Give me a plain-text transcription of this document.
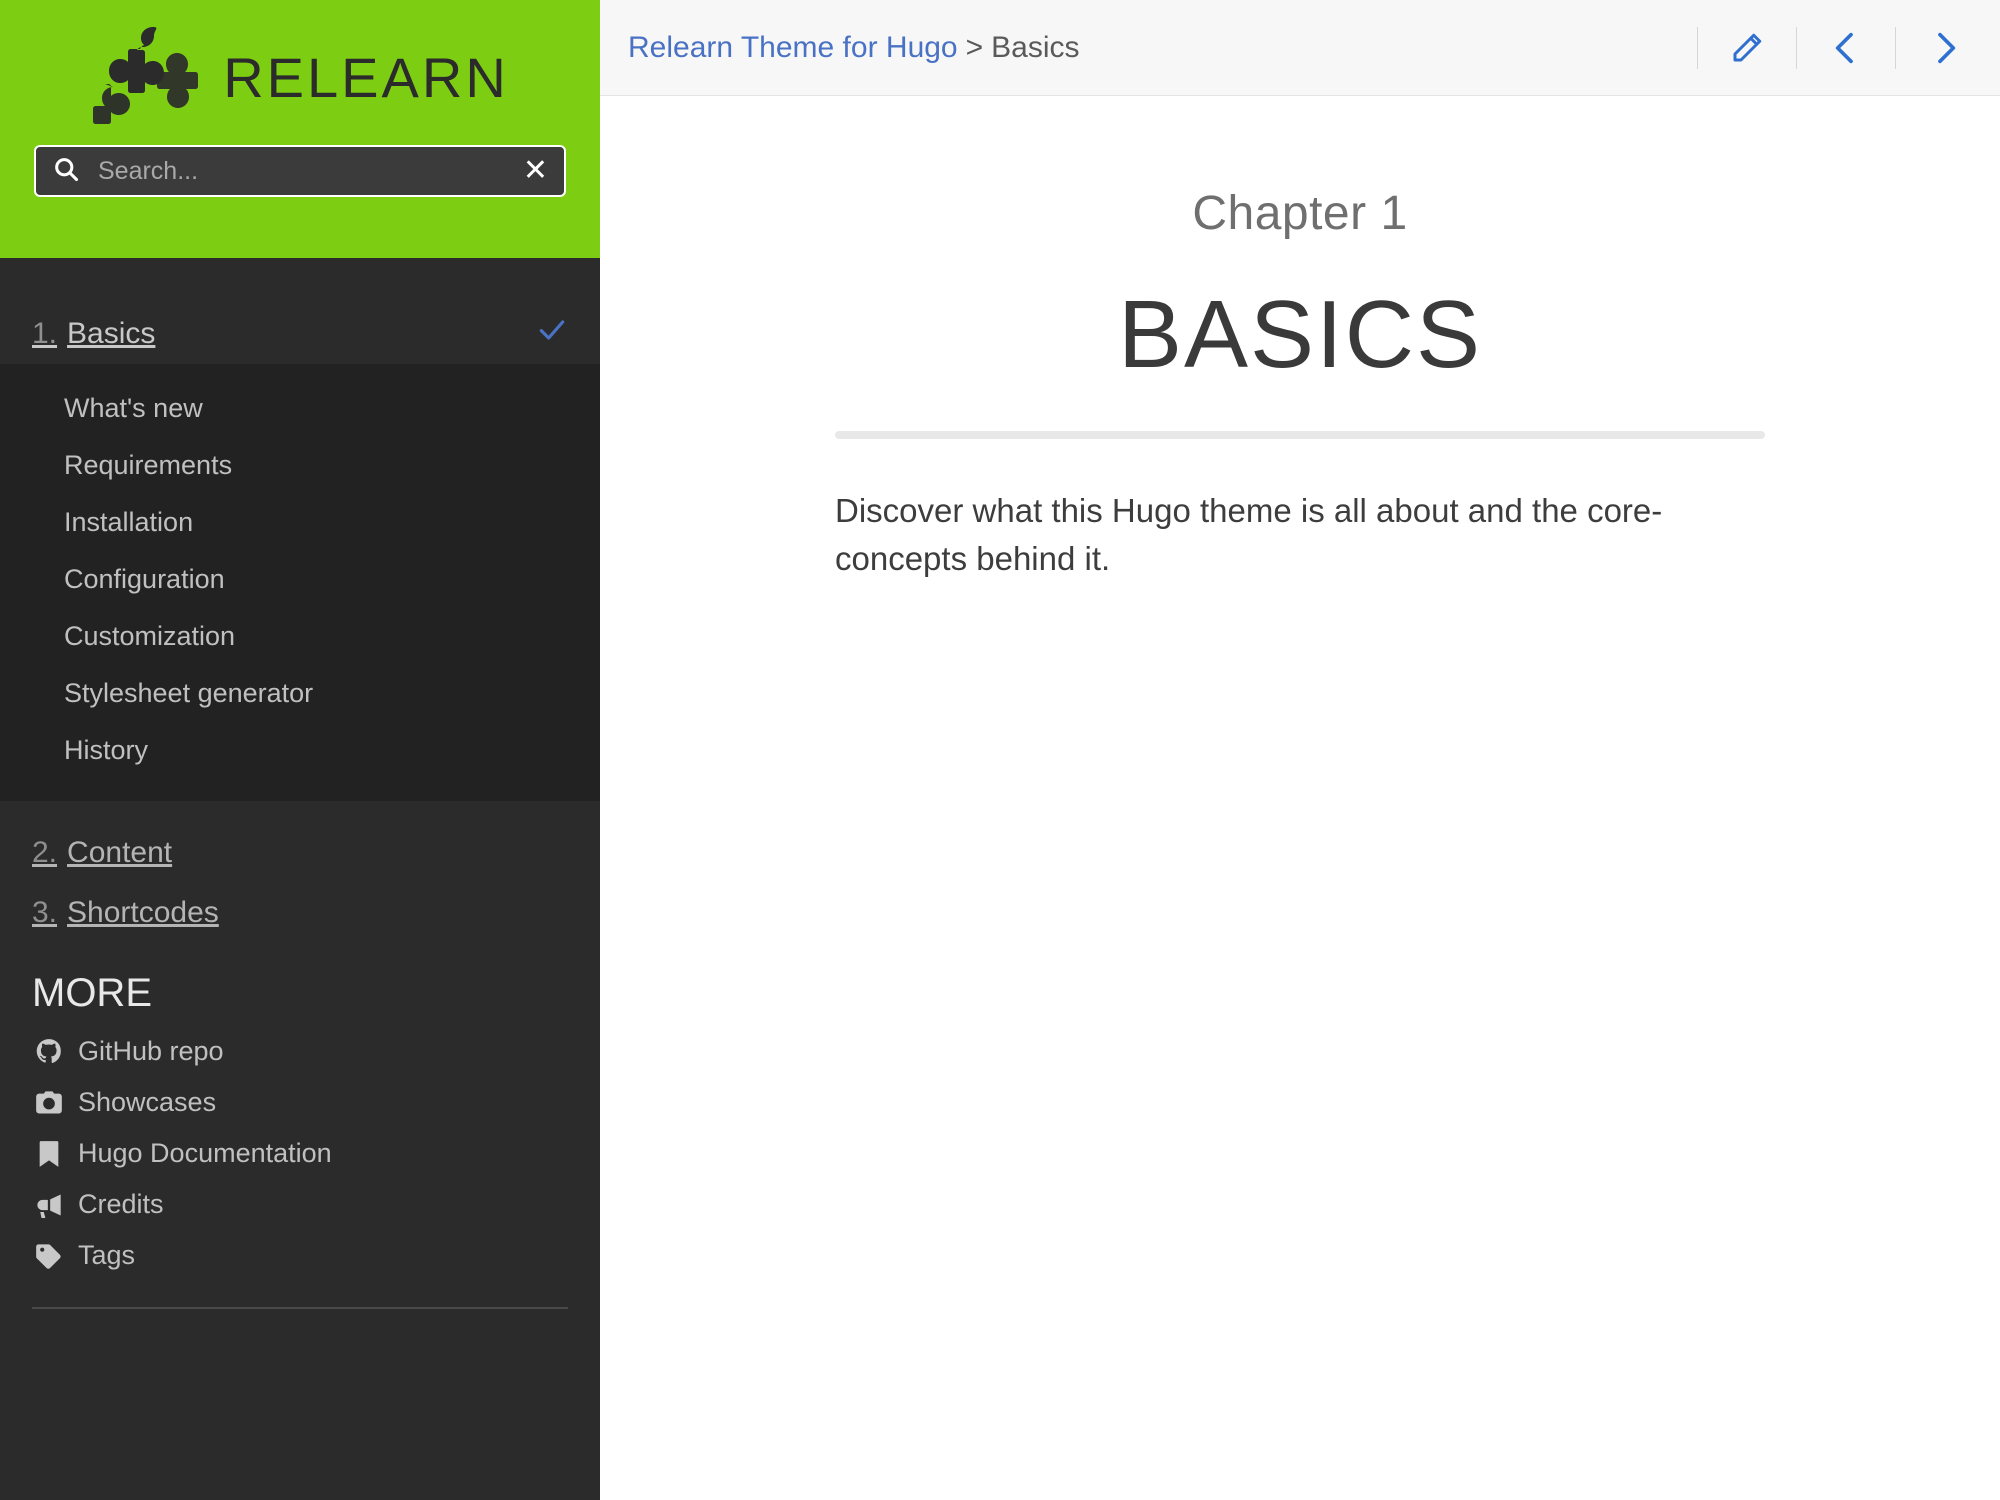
RELEARN
Search...
✕
1. Basics
What's new
Requirements
Installation
Configuration
Customization
Stylesheet generator
History
2. Content
3. Shortcodes
MORE
GitHub repo
Showcases
Hugo Documentation
Credits
Tags
Relearn Theme for Hugo > Basics
Chapter 1
BASICS

Discover what this Hugo theme is all about and the core-concepts behind it.
